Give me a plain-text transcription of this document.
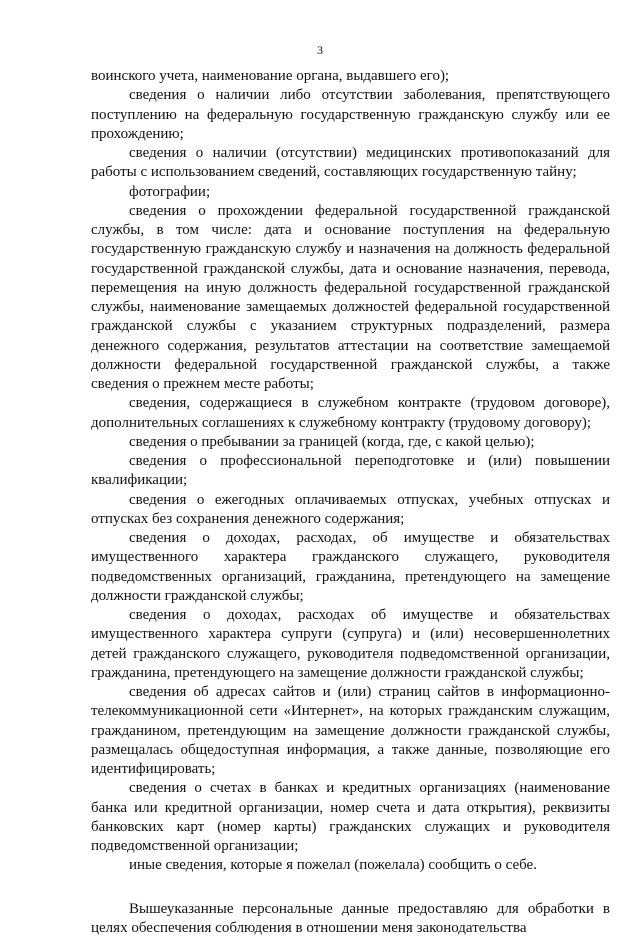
3

воинского учета, наименование органа, выдавшего его);

сведения о наличии либо отсутствии заболевания, препятствующего поступлению на федеральную государственную гражданскую службу или ее прохождению;

сведения о наличии (отсутствии) медицинских противопоказаний для работы с использованием сведений, составляющих государственную тайну;

фотографии;

сведения о прохождении федеральной государственной гражданской службы, в том числе: дата и основание поступления на федеральную государственную гражданскую службу и назначения на должность федеральной государственной гражданской службы, дата и основание назначения, перевода, перемещения на иную должность федеральной государственной гражданской службы, наименование замещаемых должностей федеральной государственной гражданской службы с указанием структурных подразделений, размера денежного содержания, результатов аттестации на соответствие замещаемой должности федеральной государственной гражданской службы, а также сведения о прежнем месте работы;

сведения, содержащиеся в служебном контракте (трудовом договоре), дополнительных соглашениях к служебному контракту (трудовому договору);

сведения о пребывании за границей (когда, где, с какой целью);

сведения о профессиональной переподготовке и (или) повышении квалификации;

сведения о ежегодных оплачиваемых отпусках, учебных отпусках и отпусках без сохранения денежного содержания;

сведения о доходах, расходах, об имуществе и обязательствах имущественного характера гражданского служащего, руководителя подведомственных организаций, гражданина, претендующего на замещение должности гражданской службы;

сведения о доходах, расходах об имуществе и обязательствах имущественного характера супруги (супруга) и (или) несовершеннолетних детей гражданского служащего, руководителя подведомственной организации, гражданина, претендующего на замещение должности гражданской службы;

сведения об адресах сайтов и (или) страниц сайтов в информационно-телекоммуникационной сети «Интернет», на которых гражданским служащим, гражданином, претендующим на замещение должности гражданской службы, размещалась общедоступная информация, а также данные, позволяющие его идентифицировать;

сведения о счетах в банках и кредитных организациях (наименование банка или кредитной организации, номер счета и дата открытия), реквизиты банковских карт (номер карты) гражданских служащих и руководителя подведомственной организации;

иные сведения, которые я пожелал (пожелала) сообщить о себе.

Вышеуказанные персональные данные предоставляю для обработки в целях обеспечения соблюдения в отношении меня законодательства
